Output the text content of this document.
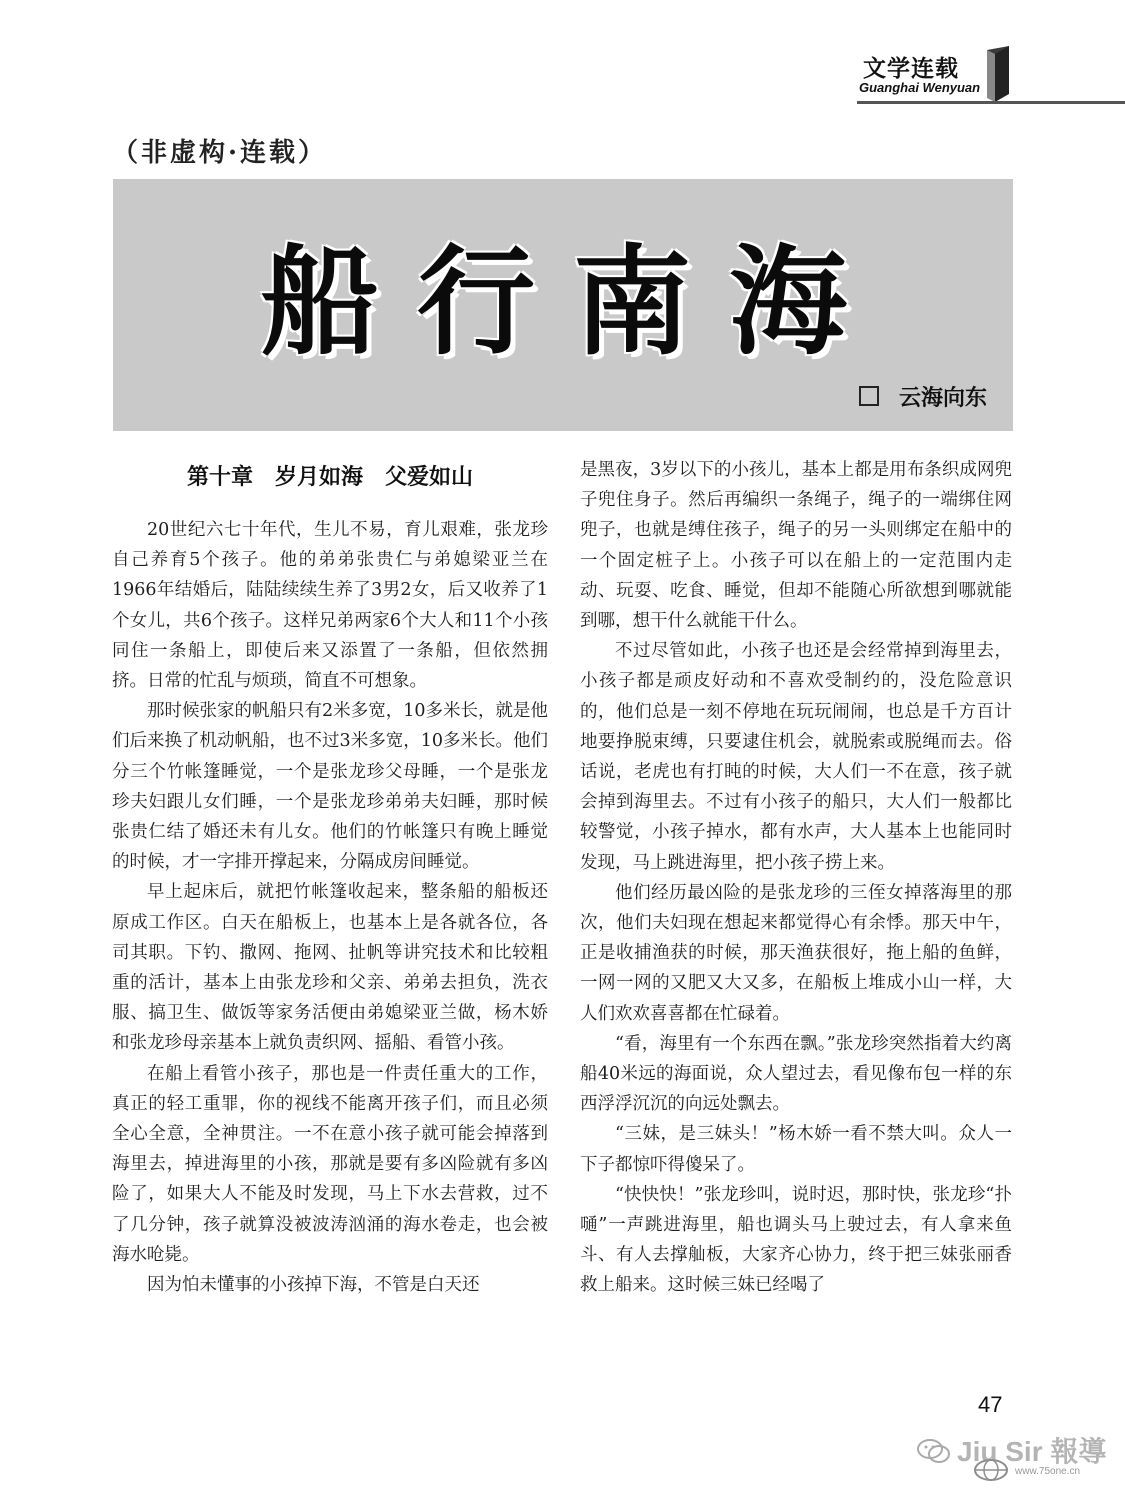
文学连载
Guanghai Wenyuan
（非虚构·连载）
船行南海
云海向东
第十章　岁月如海　父爱如山

20世纪六七十年代，生儿不易，育儿艰难，张龙珍自己养育5个孩子。他的弟弟张贵仁与弟媳梁亚兰在1966年结婚后，陆陆续续生养了3男2女，后又收养了1个女儿，共6个孩子。这样兄弟两家6个大人和11个小孩同住一条船上，即使后来又添置了一条船，但依然拥挤。日常的忙乱与烦琐，简直不可想象。

那时候张家的帆船只有2米多宽，10多米长，就是他们后来换了机动帆船，也不过3米多宽，10多米长。他们分三个竹帐篷睡觉，一个是张龙珍父母睡，一个是张龙珍夫妇跟儿女们睡，一个是张龙珍弟弟夫妇睡，那时候张贵仁结了婚还未有儿女。他们的竹帐篷只有晚上睡觉的时候，才一字排开撑起来，分隔成房间睡觉。

早上起床后，就把竹帐篷收起来，整条船的船板还原成工作区。白天在船板上，也基本上是各就各位，各司其职。下钓、撒网、拖网、扯帆等讲究技术和比较粗重的活计，基本上由张龙珍和父亲、弟弟去担负，洗衣服、搞卫生、做饭等家务活便由弟媳梁亚兰做，杨木娇和张龙珍母亲基本上就负责织网、摇船、看管小孩。

在船上看管小孩子，那也是一件责任重大的工作，真正的轻工重罪，你的视线不能离开孩子们，而且必须全心全意，全神贯注。一不在意小孩子就可能会掉落到海里去，掉进海里的小孩，那就是要有多凶险就有多凶险了，如果大人不能及时发现，马上下水去营救，过不了几分钟，孩子就算没被波涛汹涌的海水卷走，也会被海水呛毙。

因为怕未懂事的小孩掉下海，不管是白天还

是黑夜，3岁以下的小孩儿，基本上都是用布条织成网兜子兜住身子。然后再编织一条绳子，绳子的一端绑住网兜子，也就是缚住孩子，绳子的另一头则绑定在船中的一个固定桩子上。小孩子可以在船上的一定范围内走动、玩耍、吃食、睡觉，但却不能随心所欲想到哪就能到哪，想干什么就能干什么。

不过尽管如此，小孩子也还是会经常掉到海里去，小孩子都是顽皮好动和不喜欢受制约的，没危险意识的，他们总是一刻不停地在玩玩闹闹，也总是千方百计地要挣脱束缚，只要逮住机会，就脱索或脱绳而去。俗话说，老虎也有打盹的时候，大人们一不在意，孩子就会掉到海里去。不过有小孩子的船只，大人们一般都比较警觉，小孩子掉水，都有水声，大人基本上也能同时发现，马上跳进海里，把小孩子捞上来。

他们经历最凶险的是张龙珍的三侄女掉落海里的那次，他们夫妇现在想起来都觉得心有余悸。那天中午，正是收捕渔获的时候，那天渔获很好，拖上船的鱼鲜，一网一网的又肥又大又多，在船板上堆成小山一样，大人们欢欢喜喜都在忙碌着。

“看，海里有一个东西在飘。”张龙珍突然指着大约离船40米远的海面说，众人望过去，看见像布包一样的东西浮浮沉沉的向远处飘去。

“三妹，是三妹头！”杨木娇一看不禁大叫。众人一下子都惊吓得傻呆了。

“快快快！”张龙珍叫，说时迟，那时快，张龙珍“扑嗵”一声跳进海里，船也调头马上驶过去，有人拿来鱼斗、有人去撑舢板，大家齐心协力，终于把三妹张丽香救上船来。这时候三妹已经喝了

47
Jiu Sir 報導
www.75one.cn
